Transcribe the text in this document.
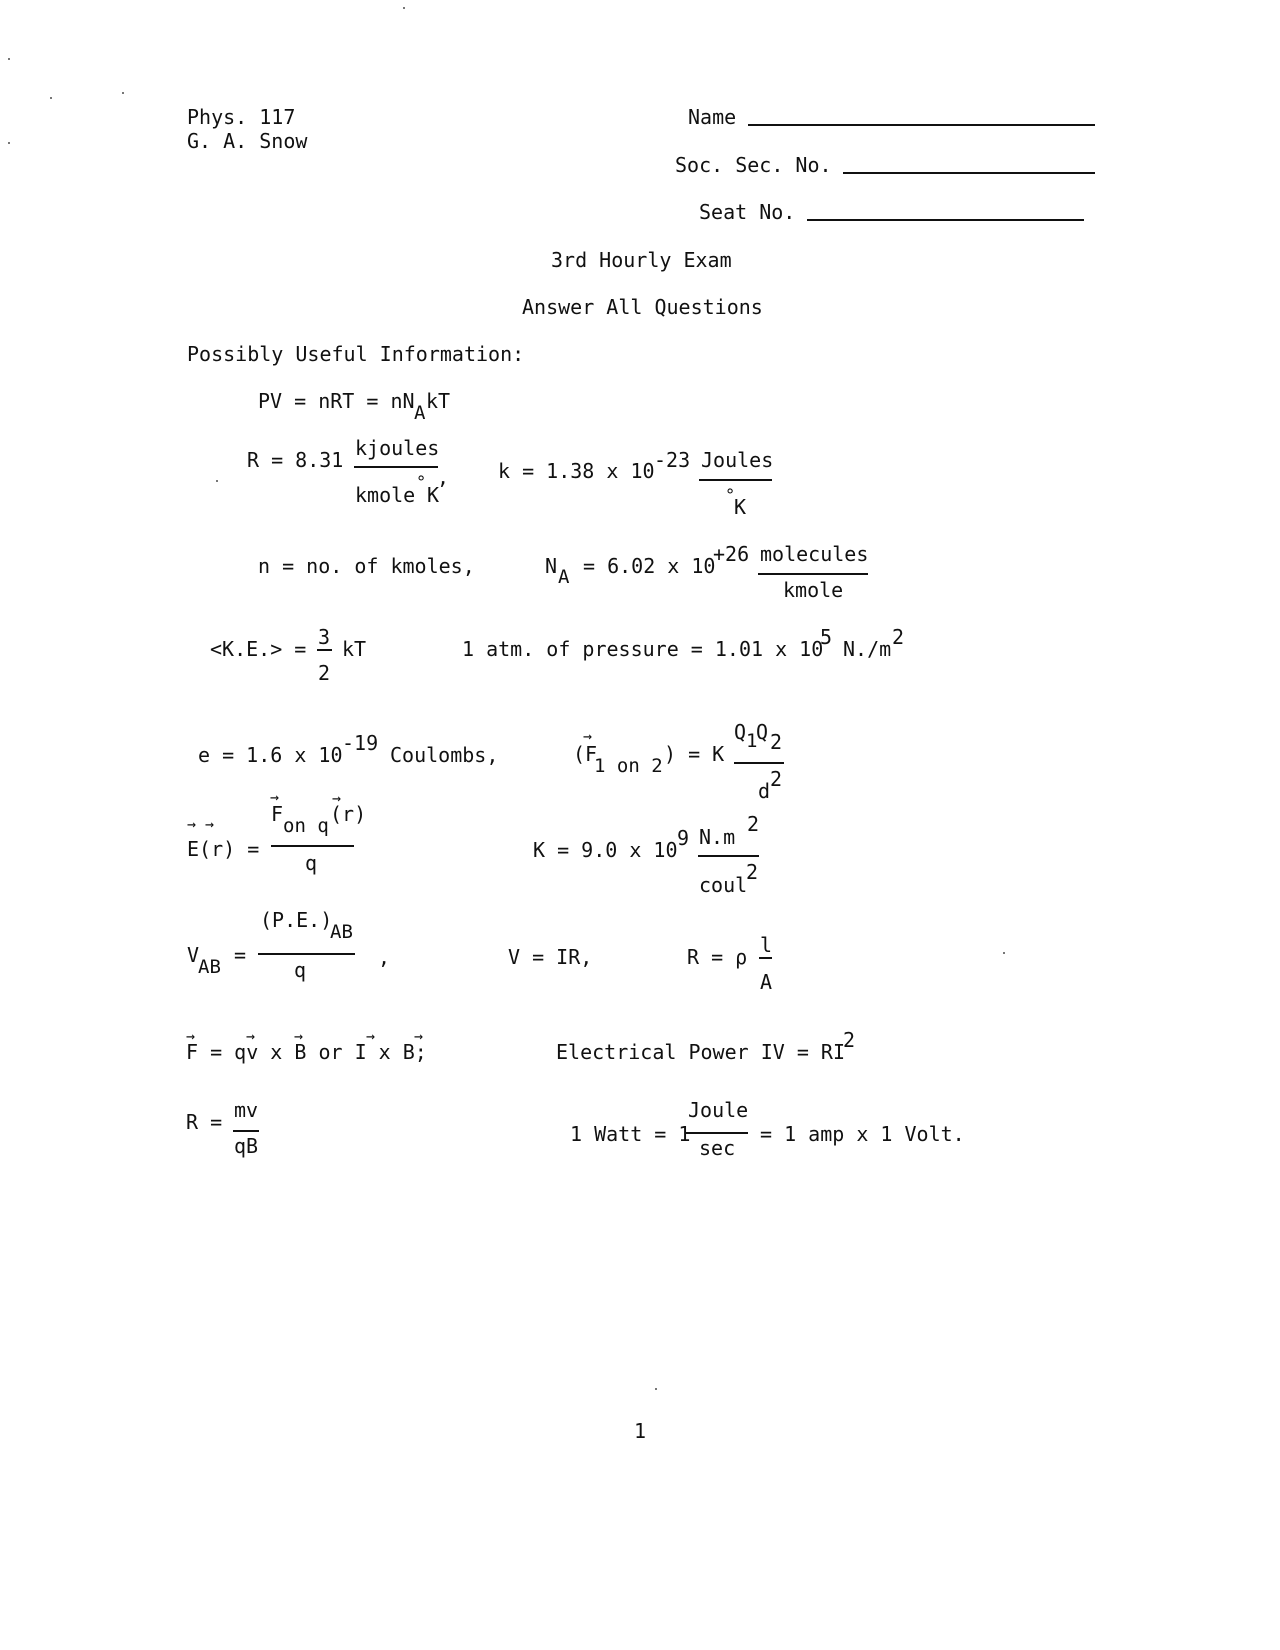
Phys. 117
G. A. Snow
Name
Soc. Sec. No.
Seat No.
3rd Hourly Exam
Answer All Questions
Possibly Useful Information:
PV = nRT = nN A kT
R = 8.31 kjoules
,
kmole ° K
k = 1.38 x 10 -23 Joules
°
K
n = no. of kmoles,	N A = 6.02 x 10
+26 molecules
kmole
<K.E.> = 3
2
kT	1 atm. of pressure = 1.01 x 10
5 N./m 2
e = 1.6 x 10 -19 Coulombs,	(F
→
1 on 2 ) = K
Q 1
Q 2
d 2
→ →
E(r) =
F
→
on q (r)
→
q
K = 9.0 x 10 9 N.m
2
coul
2
V
AB =
(P.E.)
AB
q
,	V = IR,	R = ρ l
A
F = qv x B or I x B;
→	→	→	→	→
Electrical Power IV = RI
2
R = mv
qB	1 Watt = 1
Joule
sec
= 1 amp x 1 Volt.
1
